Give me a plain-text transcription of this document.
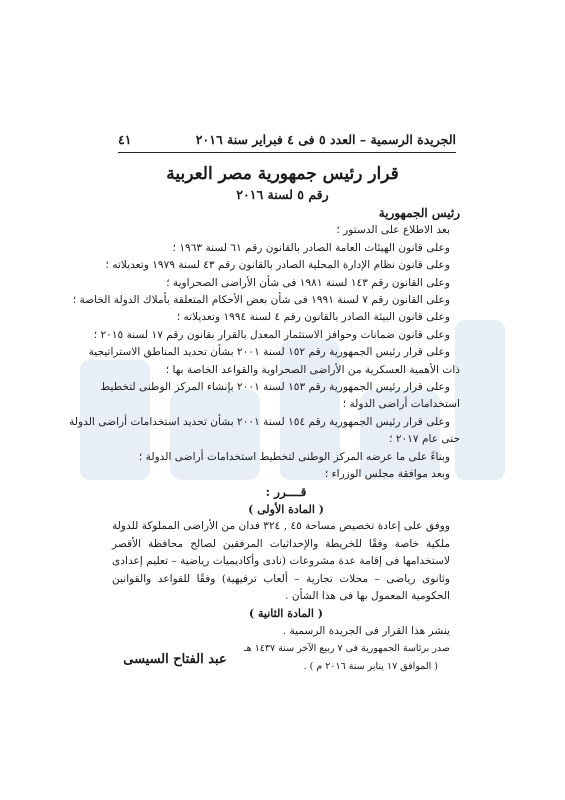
الجريدة الرسمية – العدد ٥ فى ٤ فبراير سنة ٢٠١٦
٤١
قرار رئيس جمهورية مصر العربية
رقم ٥ لسنة ٢٠١٦

رئيس الجمهورية

بعد الاطلاع على الدستور ؛

وعلى قانون الهيئات العامة الصادر بالقانون رقم ٦١ لسنة ١٩٦٣ ؛

وعلى قانون نظام الإدارة المحلية الصادر بالقانون رقم ٤٣ لسنة ١٩٧٩ وتعديلاته ؛

وعلى القانون رقم ١٤٣ لسنة ١٩٨١ فى شأن الأراضى الصحراوية ؛

وعلى القانون رقم ٧ لسنة ١٩٩١ فى شأن بعض الأحكام المتعلقة بأملاك الدولة الخاصة ؛

وعلى قانون البيئة الصادر بالقانون رقم ٤ لسنة ١٩٩٤ وتعديلاته ؛

وعلى قانون ضمانات وحوافز الاستثمار المعدل بالقرار بقانون رقم ١٧ لسنة ٢٠١٥ ؛

وعلى قرار رئيس الجمهورية رقم ١٥٢ لسنة ٢٠٠١ بشأن تحديد المناطق الاستراتيجية

ذات الأهمية العسكرية من الأراضى الصحراوية والقواعد الخاصة بها ؛

وعلى قرار رئيس الجمهورية رقم ١٥٣ لسنة ٢٠٠١ بإنشاء المركز الوطنى لتخطيط

استخدامات أراضى الدولة ؛

وعلى قرار رئيس الجمهورية رقم ١٥٤ لسنة ٢٠٠١ بشأن تحديد استخدامات أراضى الدولة

حتى عام ٢٠١٧ ؛

وبناءً على ما عرضه المركز الوطنى لتخطيط استخدامات أراضى الدولة ؛

وبعد موافقة مجلس الوزراء ؛

قــــرر :

( المادة الأولى )

ووفق على إعادة تخصيص مساحة ٤٥ , ٣٢٤ فدان من الأراضى المملوكة للدولة ملكية خاصة وفقًا للخريطة والإحداثيات المرفقين لصالح محافظة الأقصر لاستخدامها فى إقامة عدة مشروعات (نادى وأكاديميات رياضية – تعليم إعدادى وثانوى رياضى – محلات تجارية – ألعاب ترفيهية) وفقًا للقواعد والقوانين الحكومية المعمول بها فى هذا الشأن .

( المادة الثانية )

ينشر هذا القرار فى الجريدة الرسمية .

صدر برئاسة الجمهورية فى ٧ ربيع الآخر سنة ١٤٣٧ هـ

( الموافق ١٧ يناير سنة ٢٠١٦ م ) .

عبد الفتاح السيسى
